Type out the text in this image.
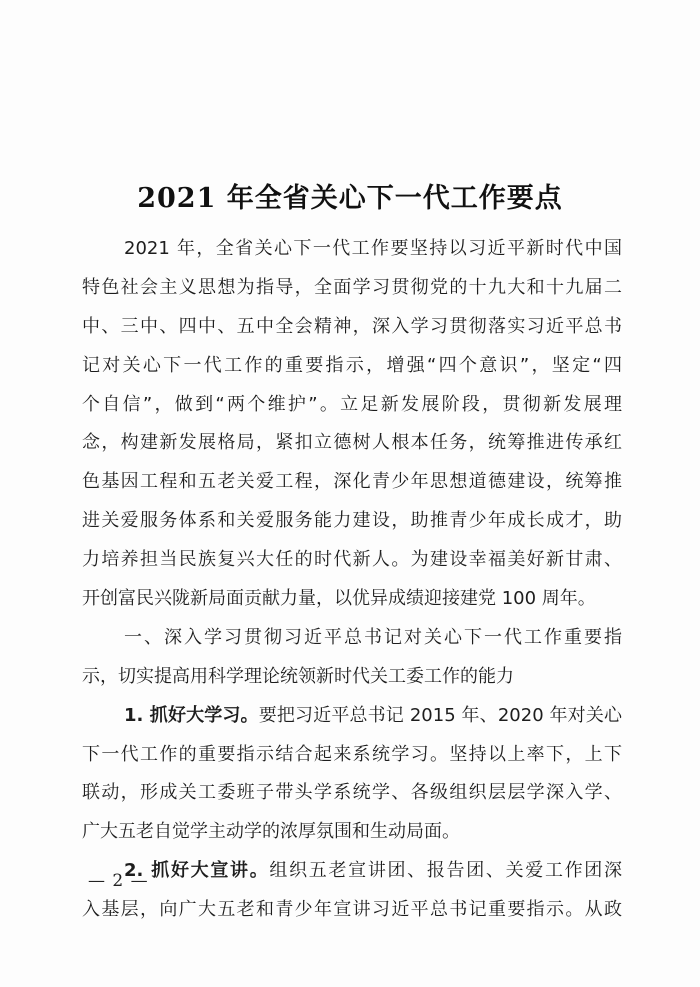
2021 年全省关心下一代工作要点
2021 年，全省关心下一代工作要坚持以习近平新时代中国
特色社会主义思想为指导，全面学习贯彻党的十九大和十九届二
中、三中、四中、五中全会精神，深入学习贯彻落实习近平总书
记对关心下一代工作的重要指示，增强“四个意识”，坚定“四
个自信”，做到“两个维护”。立足新发展阶段，贯彻新发展理
念，构建新发展格局，紧扣立德树人根本任务，统筹推进传承红
色基因工程和五老关爱工程，深化青少年思想道德建设，统筹推
进关爱服务体系和关爱服务能力建设，助推青少年成长成才，助
力培养担当民族复兴大任的时代新人。为建设幸福美好新甘肃、
开创富民兴陇新局面贡献力量，以优异成绩迎接建党 100 周年。
一、深入学习贯彻习近平总书记对关心下一代工作重要指
示，切实提高用科学理论统领新时代关工委工作的能力
1. 抓好大学习。要把习近平总书记 2015 年、2020 年对关心
下一代工作的重要指示结合起来系统学习。坚持以上率下，上下
联动，形成关工委班子带头学系统学、各级组织层层学深入学、
广大五老自觉学主动学的浓厚氛围和生动局面。
2. 抓好大宣讲。组织五老宣讲团、报告团、关爱工作团深
入基层，向广大五老和青少年宣讲习近平总书记重要指示。从政
— 2 —
